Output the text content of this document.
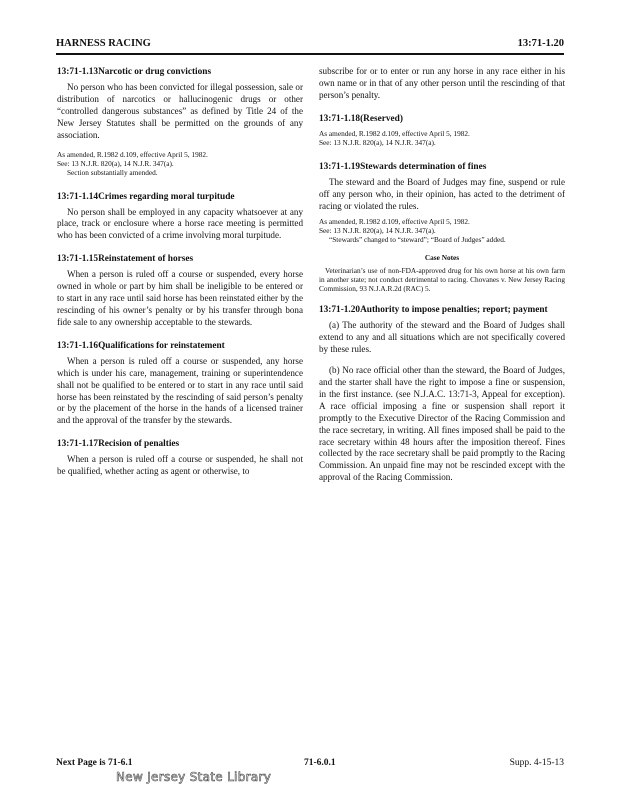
HARNESS RACING	13:71-1.20
13:71-1.13Narcotic or drug convictions

No person who has been convicted for illegal possession, sale or distribution of narcotics or hallucinogenic drugs or other “controlled dangerous substances” as defined by Title 24 of the New Jersey Statutes shall be permitted on the grounds of any association.

As amended, R.1982 d.109, effective April 5, 1982.
See: 13 N.J.R. 820(a), 14 N.J.R. 347(a).
Section substantially amended.
13:71-1.14Crimes regarding moral turpitude

No person shall be employed in any capacity whatsoever at any place, track or enclosure where a horse race meeting is permitted who has been convicted of a crime involving moral turpitude.

13:71-1.15Reinstatement of horses

When a person is ruled off a course or suspended, every horse owned in whole or part by him shall be ineligible to be entered or to start in any race until said horse has been reinstated either by the rescinding of his owner’s penalty or by his transfer through bona fide sale to any ownership acceptable to the stewards.

13:71-1.16Qualifications for reinstatement

When a person is ruled off a course or suspended, any horse which is under his care, management, training or superintendence shall not be qualified to be entered or to start in any race until said horse has been reinstated by the rescinding of said person’s penalty or by the placement of the horse in the hands of a licensed trainer and the approval of the transfer by the stewards.

13:71-1.17Recision of penalties

When a person is ruled off a course or suspended, he shall not be qualified, whether acting as agent or otherwise, to

subscribe for or to enter or run any horse in any race either in his own name or in that of any other person until the rescinding of that person’s penalty.

13:71-1.18(Reserved)
As amended, R.1982 d.109, effective April 5, 1982.
See: 13 N.J.R. 820(a), 14 N.J.R. 347(a).
13:71-1.19Stewards determination of fines

The steward and the Board of Judges may fine, suspend or rule off any person who, in their opinion, has acted to the detriment of racing or violated the rules.

As amended, R.1982 d.109, effective April 5, 1982.
See: 13 N.J.R. 820(a), 14 N.J.R. 347(a).
“Stewards” changed to “steward”; “Board of Judges” added.
Case Notes

Veterinarian’s use of non-FDA-approved drug for his own horse at his own farm in another state; not conduct detrimental to racing. Chovanes v. New Jersey Racing Commission, 93 N.J.A.R.2d (RAC) 5.

13:71-1.20Authority to impose penalties; report; payment

(a) The authority of the steward and the Board of Judges shall extend to any and all situations which are not specifically covered by these rules.

(b) No race official other than the steward, the Board of Judges, and the starter shall have the right to impose a fine or suspension, in the first instance. (see N.J.A.C. 13:71-3, Appeal for exception). A race official imposing a fine or suspension shall report it promptly to the Executive Director of the Racing Commission and the race secretary, in writing. All fines imposed shall be paid to the race secretary within 48 hours after the imposition thereof. Fines collected by the race secretary shall be paid promptly to the Racing Commission. An unpaid fine may not be rescinded except with the approval of the Racing Commission.

Next Page is 71-6.1	71-6.0.1	Supp. 4-15-13
New Jersey State Library
